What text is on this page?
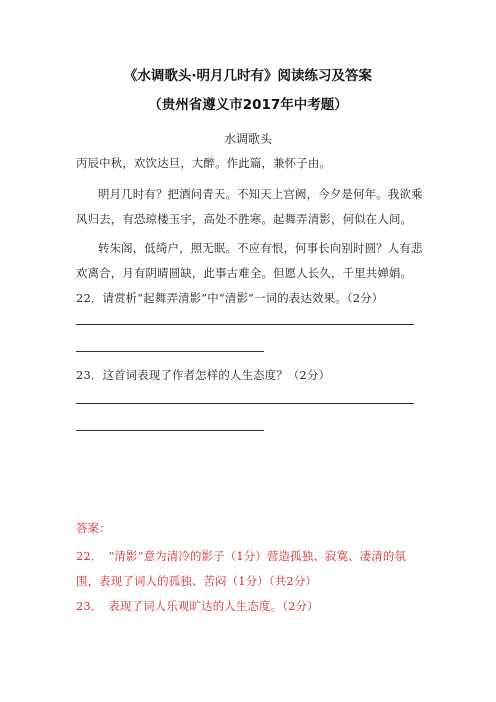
《水调歌头·明月几时有》阅读练习及答案
（贵州省遵义市2017年中考题）
水调歌头
丙辰中秋，欢饮达旦，大醉。作此篇，兼怀子由。
明月几时有？把酒问青天。不知天上宫阙，今夕是何年。我欲乘
风归去，有恐琼楼玉宇，高处不胜寒。起舞弄清影，何似在人间。
转朱阁，低绮户，照无眠。不应有恨，何事长向别时圆？人有悲
欢离合，月有阴晴圆缺，此事古难全。但愿人长久，千里共婵娟。
22．请赏析“起舞弄清影”中“清影”一词的表达效果。（2分）
23．这首词表现了作者怎样的人生态度？（2分）
答案：
22．　“清影”意为清冷的影子（1分）营造孤独、寂寞、凄清的氛
围，表现了词人的孤独、苦闷（1分）（共2分）
23．　表现了词人乐观旷达的人生态度。（2分）
